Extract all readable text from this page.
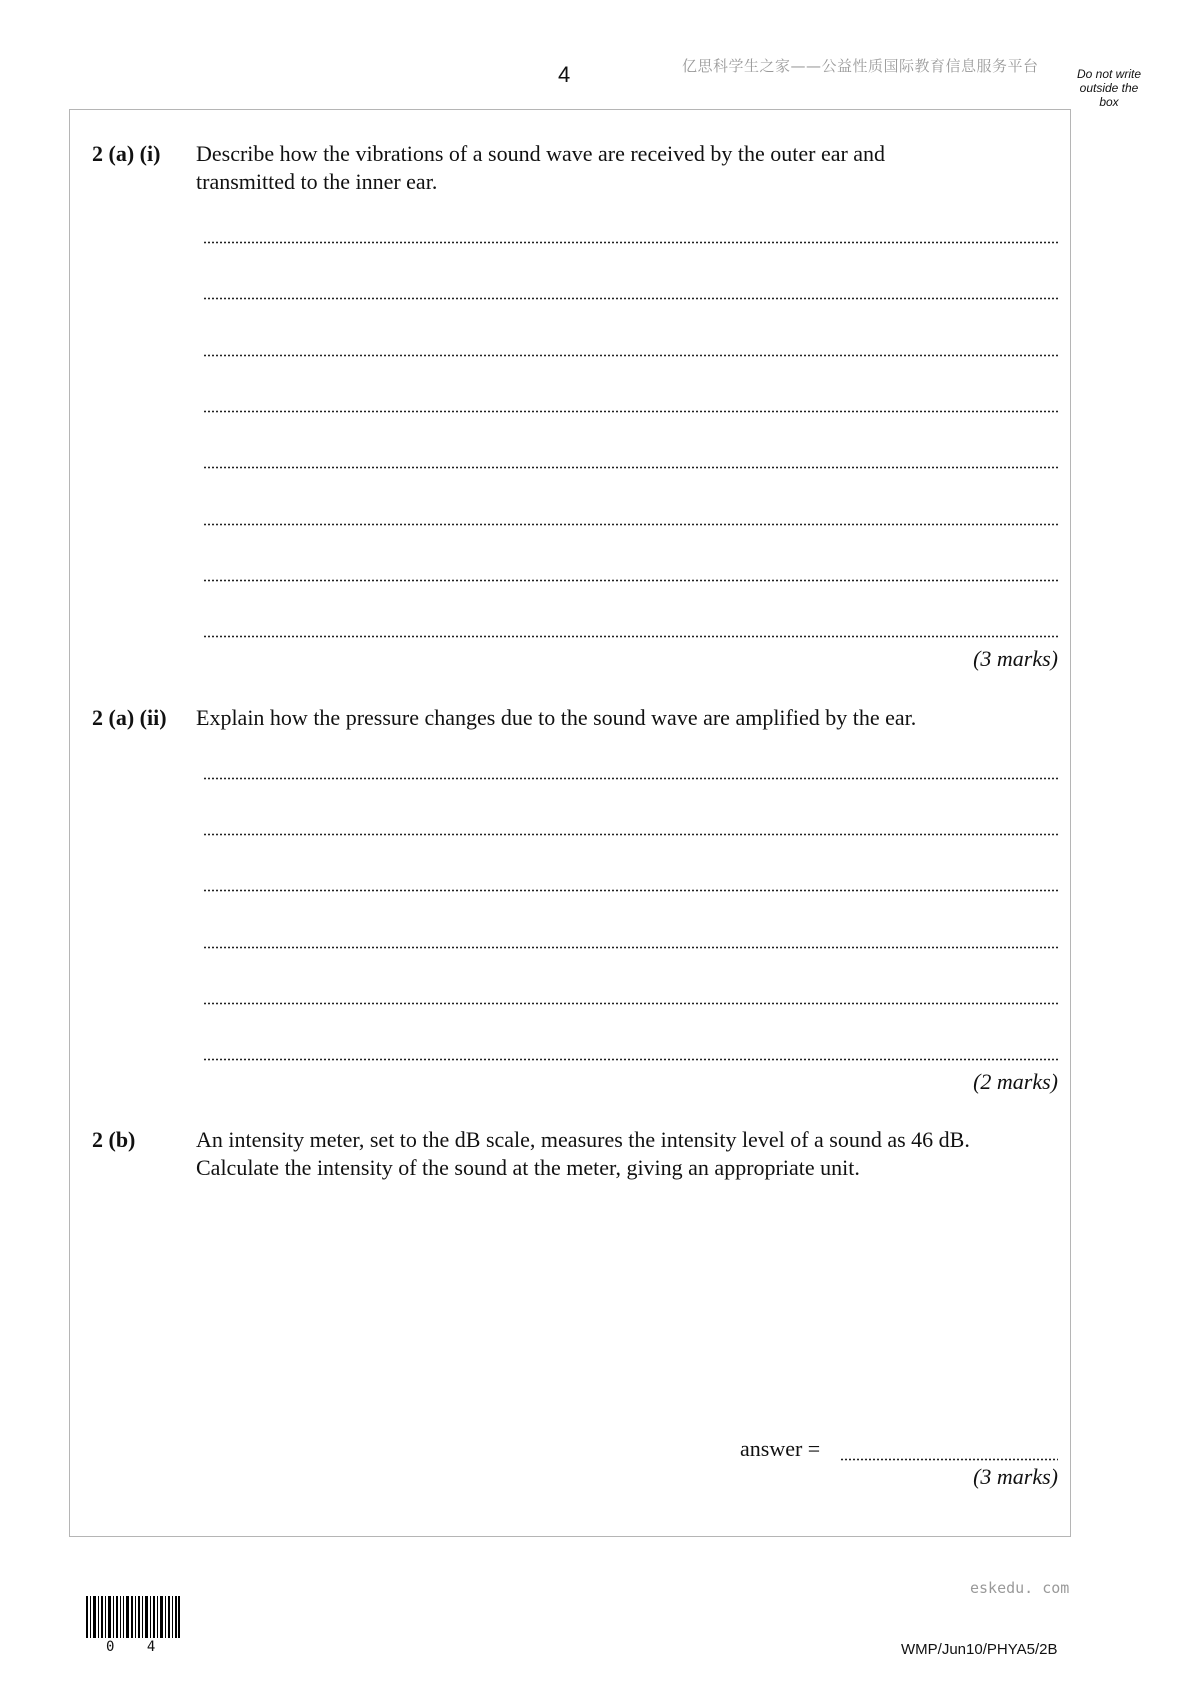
4	亿思科学生之家——公益性质国际教育信息服务平台	Do not write outside the box
2 (a) (i) Describe how the vibrations of a sound wave are received by the outer ear and
transmitted to the inner ear.
(3 marks)
2 (a) (ii) Explain how the pressure changes due to the sound wave are amplified by the ear.
(2 marks)
2 (b)	An intensity meter, set to the dB scale, measures the intensity level of a sound as 46 dB.
Calculate the intensity of the sound at the meter, giving an appropriate unit.
answer =
(3 marks)
eskedu. com
0 4	WMP/Jun10/PHYA5/2B
